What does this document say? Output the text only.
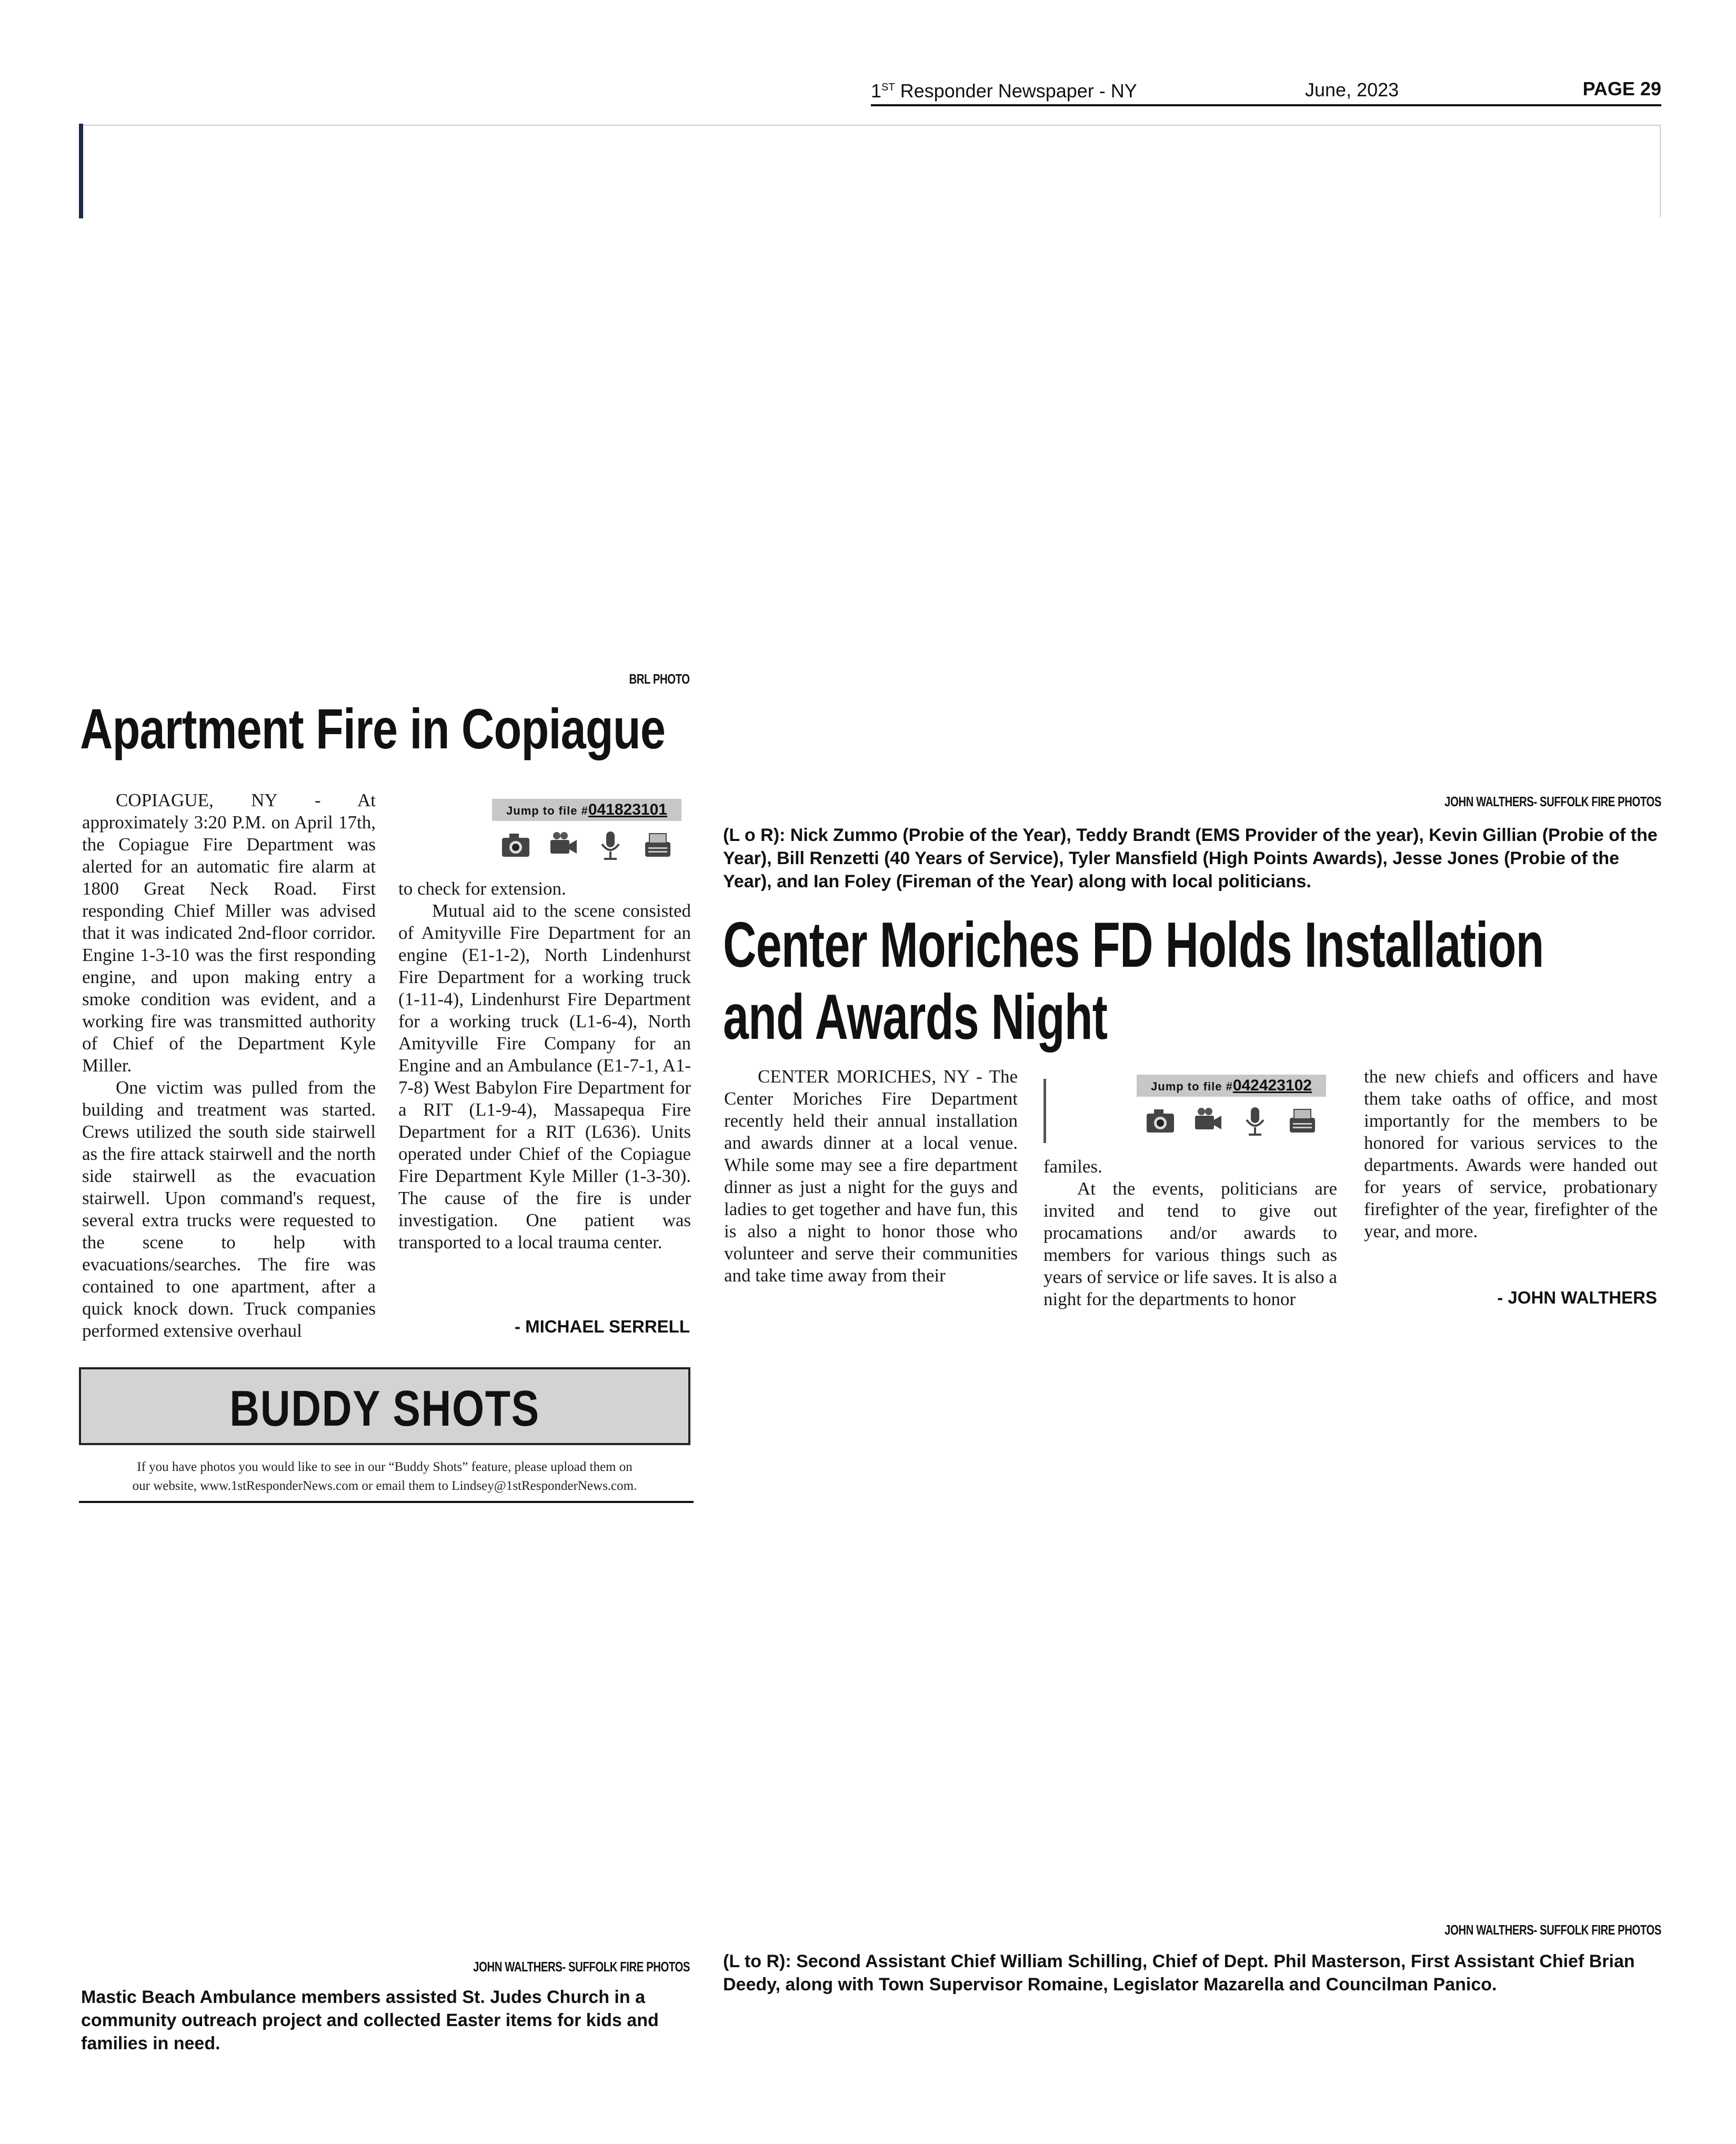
1ST Responder Newspaper - NY	June, 2023	PAGE 29
BRL PHOTO
Apartment Fire in Copiague

COPIAGUE, NY - At approximately 3:20 P.M. on April 17th, the Copiague Fire Department was alerted for an automatic fire alarm at 1800 Great Neck Road. First responding Chief Miller was advised that it was indicated 2nd-floor corridor. Engine 1-3-10 was the first responding engine, and upon making entry a smoke condition was evident, and a working fire was transmitted authority of Chief of the Department Kyle Miller.

One victim was pulled from the building and treatment was started. Crews utilized the south side stairwell as the fire attack stairwell and the north side stairwell as the evacuation stairwell. Upon command's request, several extra trucks were requested to the scene to help with evacuations/searches. The fire was contained to one apartment, after a quick knock down. Truck companies performed extensive overhaul

Jump to file #041823101

to check for extension.

Mutual aid to the scene consisted of Amityville Fire Department for an engine (E1-1-2), North Lindenhurst Fire Department for a working truck (1-11-4), Lindenhurst Fire Department for a working truck (L1-6-4), North Amityville Fire Company for an Engine and an Ambulance (E1-7-1, A1-7-8) West Babylon Fire Department for a RIT (L1-9-4), Massapequa Fire Department for a RIT (L636). Units operated under Chief of the Copiague Fire Department Kyle Miller (1-3-30). The cause of the fire is under investigation. One patient was transported to a local trauma center.

- MICHAEL SERRELL
JOHN WALTHERS- SUFFOLK FIRE PHOTOS
(L o R): Nick Zummo (Probie of the Year), Teddy Brandt (EMS Provider of the year), Kevin Gillian (Probie of the Year), Bill Renzetti (40 Years of Service), Tyler Mansfield (High Points Awards), Jesse Jones (Probie of the Year), and Ian Foley (Fireman of the Year) along with local politicians.
Center Moriches FD Holds Installation
and Awards Night

CENTER MORICHES, NY - The Center Moriches Fire Department recently held their annual installation and awards dinner at a local venue. While some may see a fire department dinner as just a night for the guys and ladies to get together and have fun, this is also a night to honor those who volunteer and serve their communities and take time away from their

Jump to file #042423102

familes.

At the events, politicians are invited and tend to give out procamations and/or awards to members for various things such as years of service or life saves. It is also a night for the departments to honor

the new chiefs and officers and have them take oaths of office, and most importantly for the members to be honored for various services to the departments. Awards were handed out for years of service, probationary firefighter of the year, firefighter of the year, and more.

- JOHN WALTHERS
BUDDY SHOTS
If you have photos you would like to see in our “Buddy Shots” feature, please upload them on
our website, www.1stResponderNews.com or email them to Lindsey@1stResponderNews.com.
JOHN WALTHERS- SUFFOLK FIRE PHOTOS
Mastic Beach Ambulance members assisted St. Judes Church in a community outreach project and collected Easter items for kids and families in need.
JOHN WALTHERS- SUFFOLK FIRE PHOTOS
(L to R): Second Assistant Chief William Schilling, Chief of Dept. Phil Masterson, First Assistant Chief Brian Deedy, along with Town Supervisor Romaine, Legislator Mazarella and Councilman Panico.
